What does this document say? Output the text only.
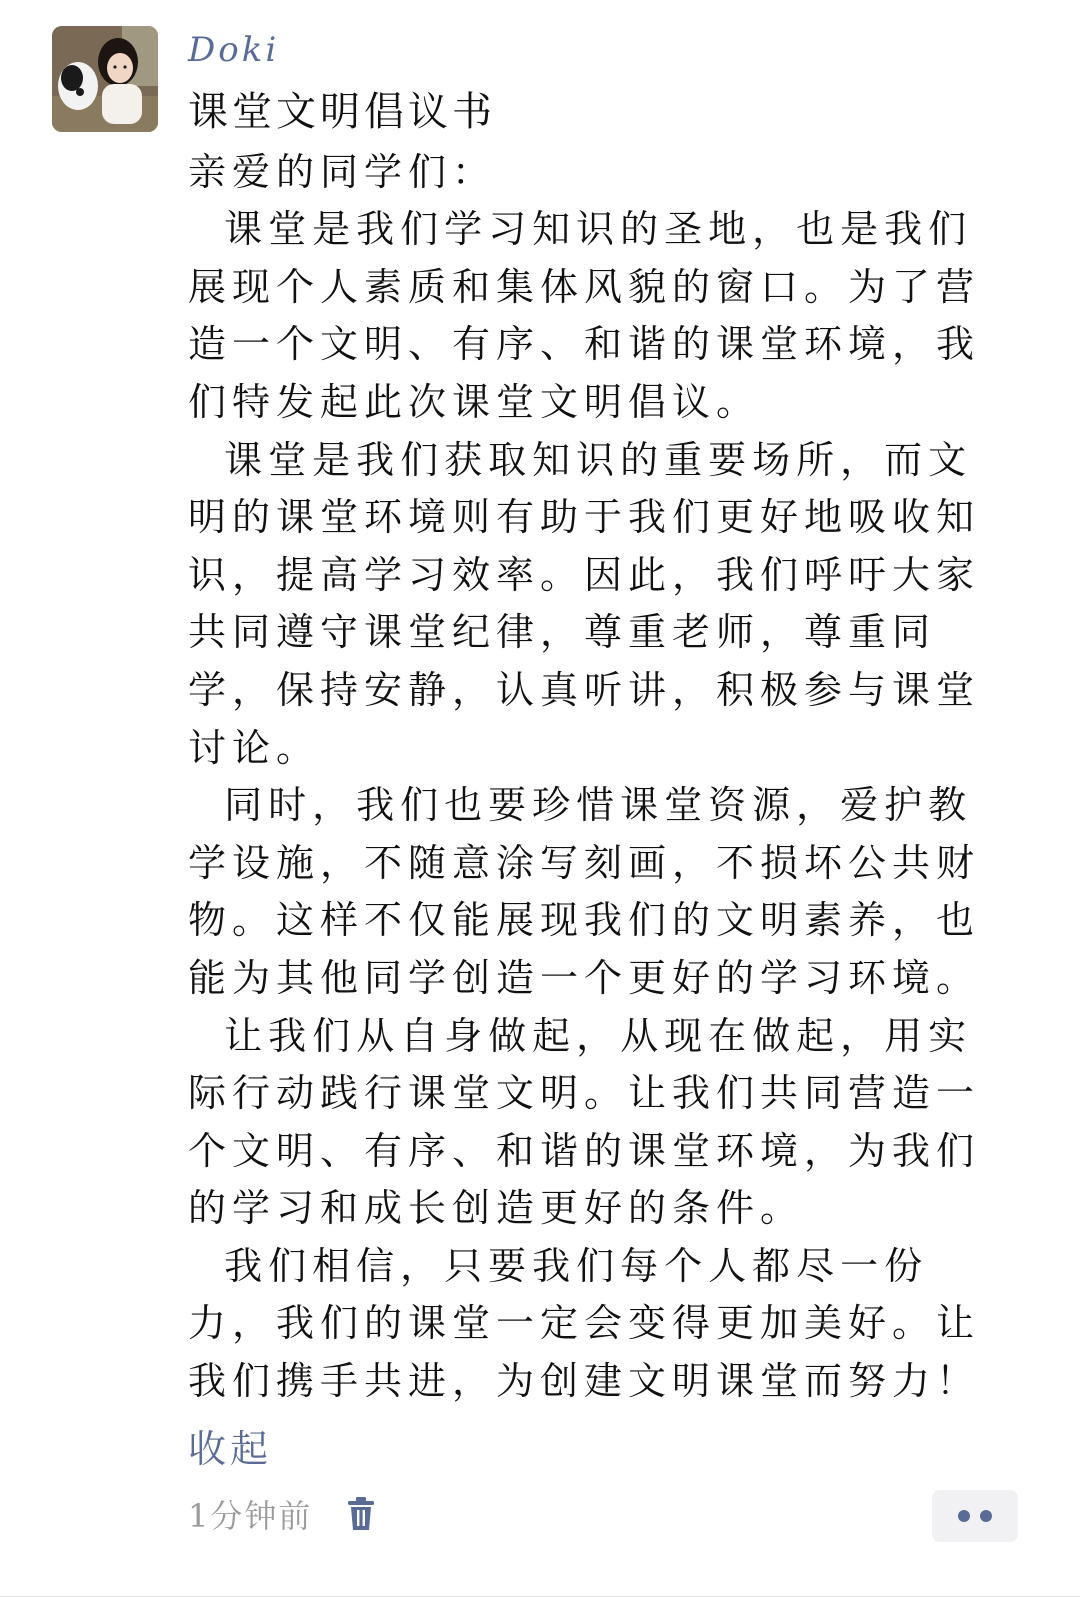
Doki
课堂文明倡议书
亲爱的同学们：
课堂是我们学习知识的圣地，也是我们
展现个人素质和集体风貌的窗口。为了营
造一个文明、有序、和谐的课堂环境，我
们特发起此次课堂文明倡议。
课堂是我们获取知识的重要场所，而文
明的课堂环境则有助于我们更好地吸收知
识，提高学习效率。因此，我们呼吁大家
共同遵守课堂纪律，尊重老师，尊重同
学，保持安静，认真听讲，积极参与课堂
讨论。
同时，我们也要珍惜课堂资源，爱护教
学设施，不随意涂写刻画，不损坏公共财
物。这样不仅能展现我们的文明素养，也
能为其他同学创造一个更好的学习环境。
让我们从自身做起，从现在做起，用实
际行动践行课堂文明。让我们共同营造一
个文明、有序、和谐的课堂环境，为我们
的学习和成长创造更好的条件。
我们相信，只要我们每个人都尽一份
力，我们的课堂一定会变得更加美好。让
我们携手共进，为创建文明课堂而努力！
收起
1分钟前
